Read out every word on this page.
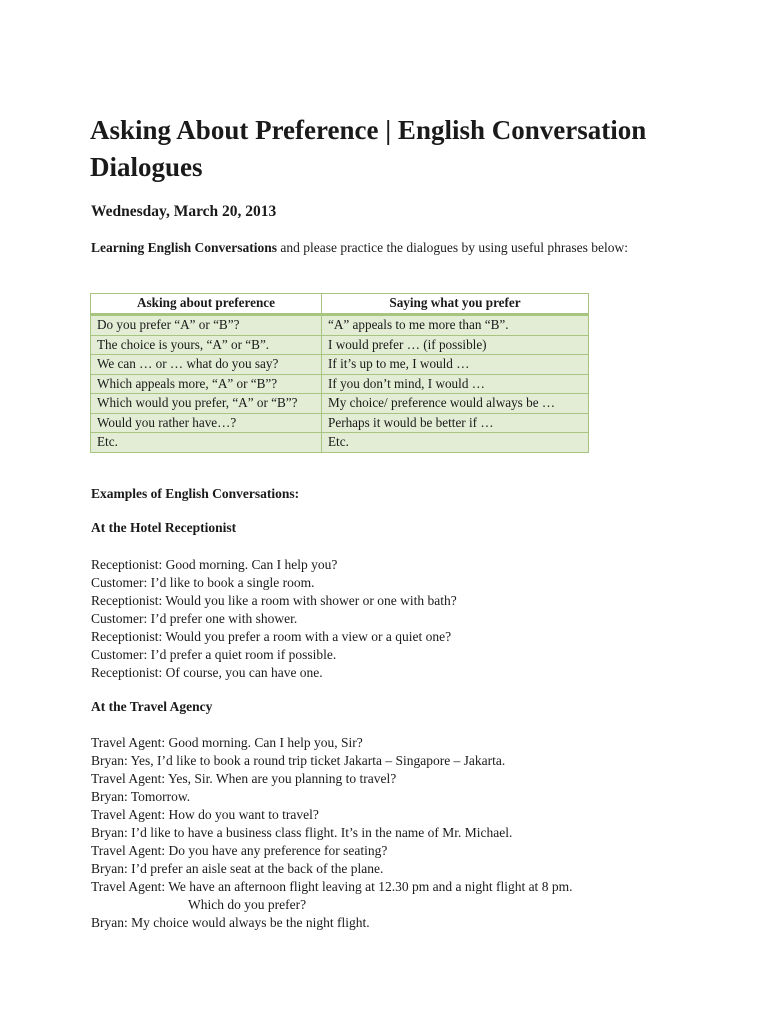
Asking About Preference | English Conversation Dialogues

Wednesday, March 20, 2013

Learning English Conversations and please practice the dialogues by using useful phrases below:

Asking about preference	Saying what you prefer
Do you prefer “A” or “B”?	“A” appeals to me more than “B”.
The choice is yours, “A” or “B”.	I would prefer … (if possible)
We can … or … what do you say?	If it’s up to me, I would …
Which appeals more, “A” or “B”?	If you don’t mind, I would …
Which would you prefer, “A” or “B”?	My choice/ preference would always be …
Would you rather have…?	Perhaps it would be better if …
Etc.	Etc.

Examples of English Conversations:

At the Hotel Receptionist

Receptionist: Good morning. Can I help you?
Customer: I’d like to book a single room.
Receptionist: Would you like a room with shower or one with bath?
Customer: I’d prefer one with shower.
Receptionist: Would you prefer a room with a view or a quiet one?
Customer: I’d prefer a quiet room if possible.
Receptionist: Of course, you can have one.

At the Travel Agency

Travel Agent: Good morning. Can I help you, Sir?
Bryan: Yes, I’d like to book a round trip ticket Jakarta – Singapore – Jakarta.
Travel Agent: Yes, Sir. When are you planning to travel?
Bryan: Tomorrow.
Travel Agent: How do you want to travel?
Bryan: I’d like to have a business class flight. It’s in the name of Mr. Michael.
Travel Agent: Do you have any preference for seating?
Bryan: I’d prefer an aisle seat at the back of the plane.
Travel Agent: We have an afternoon flight leaving at 12.30 pm and a night flight at 8 pm.
Which do you prefer?
Bryan: My choice would always be the night flight.
